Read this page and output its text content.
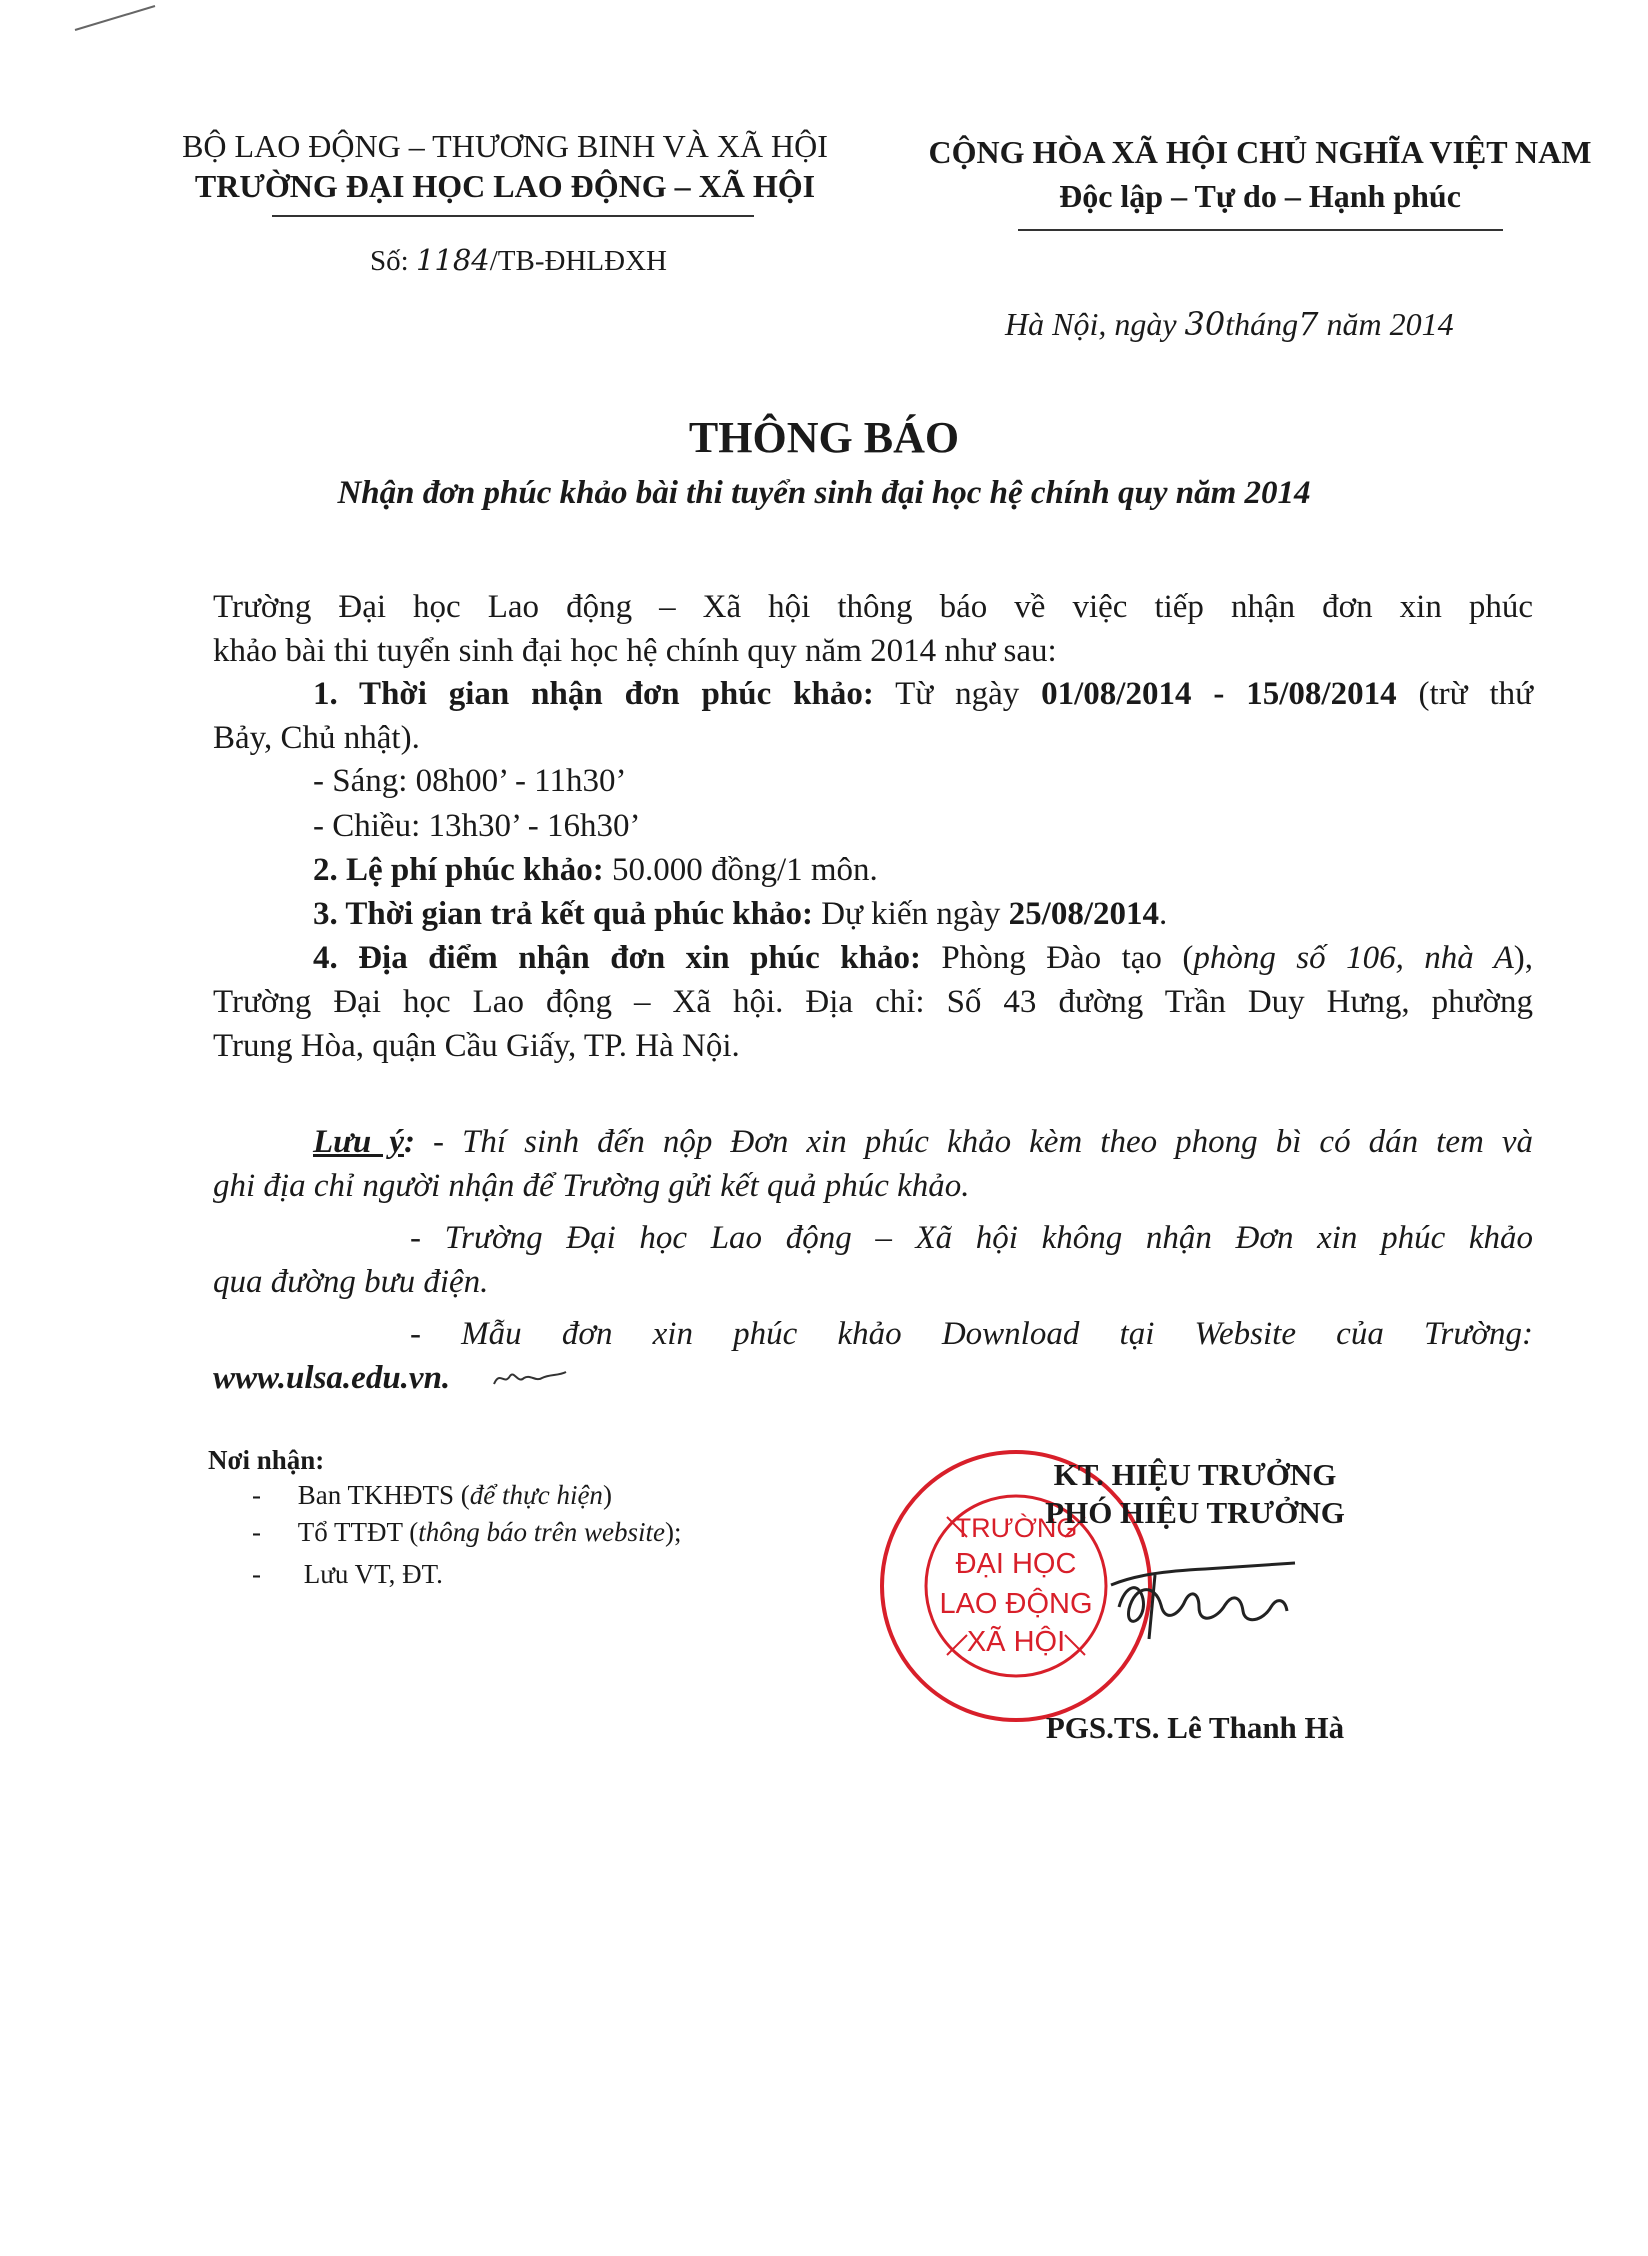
BỘ LAO ĐỘNG – THƯƠNG BINH VÀ XÃ HỘI
TRƯỜNG ĐẠI HỌC LAO ĐỘNG – XÃ HỘI
Số: 1184/TB-ĐHLĐXH
CỘNG HÒA XÃ HỘI CHỦ NGHĨA VIỆT NAM
Độc lập – Tự do – Hạnh phúc
Hà Nội, ngày 30tháng7 năm 2014
THÔNG BÁO
Nhận đơn phúc khảo bài thi tuyển sinh đại học hệ chính quy năm 2014
Trường Đại học Lao động – Xã hội thông báo về việc tiếp nhận đơn xin phúc
khảo bài thi tuyển sinh đại học hệ chính quy năm 2014 như sau:
1. Thời gian nhận đơn phúc khảo: Từ ngày 01/08/2014 - 15/08/2014 (trừ thứ
Bảy, Chủ nhật).
- Sáng: 08h00’ - 11h30’
- Chiều: 13h30’ - 16h30’
2. Lệ phí phúc khảo: 50.000 đồng/1 môn.
3. Thời gian trả kết quả phúc khảo: Dự kiến ngày 25/08/2014.
4. Địa điểm nhận đơn xin phúc khảo: Phòng Đào tạo (phòng số 106, nhà A),
Trường Đại học Lao động – Xã hội. Địa chỉ: Số 43 đường Trần Duy Hưng, phường
Trung Hòa, quận Cầu Giấy, TP. Hà Nội.
Lưu ý: - Thí sinh đến nộp Đơn xin phúc khảo kèm theo phong bì có dán tem và
ghi địa chỉ người nhận để Trường gửi kết quả phúc khảo.
- Trường Đại học Lao động – Xã hội không nhận Đơn xin phúc khảo
qua đường bưu điện.
- Mẫu đơn xin phúc khảo Download tại Website của Trường:
www.ulsa.edu.vn.
Nơi nhận:
- Ban TKHĐTS (để thực hiện)
- Tổ TTĐT (thông báo trên website);
- Lưu VT, ĐT.
TRƯỜNG
ĐẠI HỌC
LAO ĐỘNG
XÃ HỘI
KT. HIỆU TRƯỞNG
PHÓ HIỆU TRƯỞNG
PGS.TS. Lê Thanh Hà
